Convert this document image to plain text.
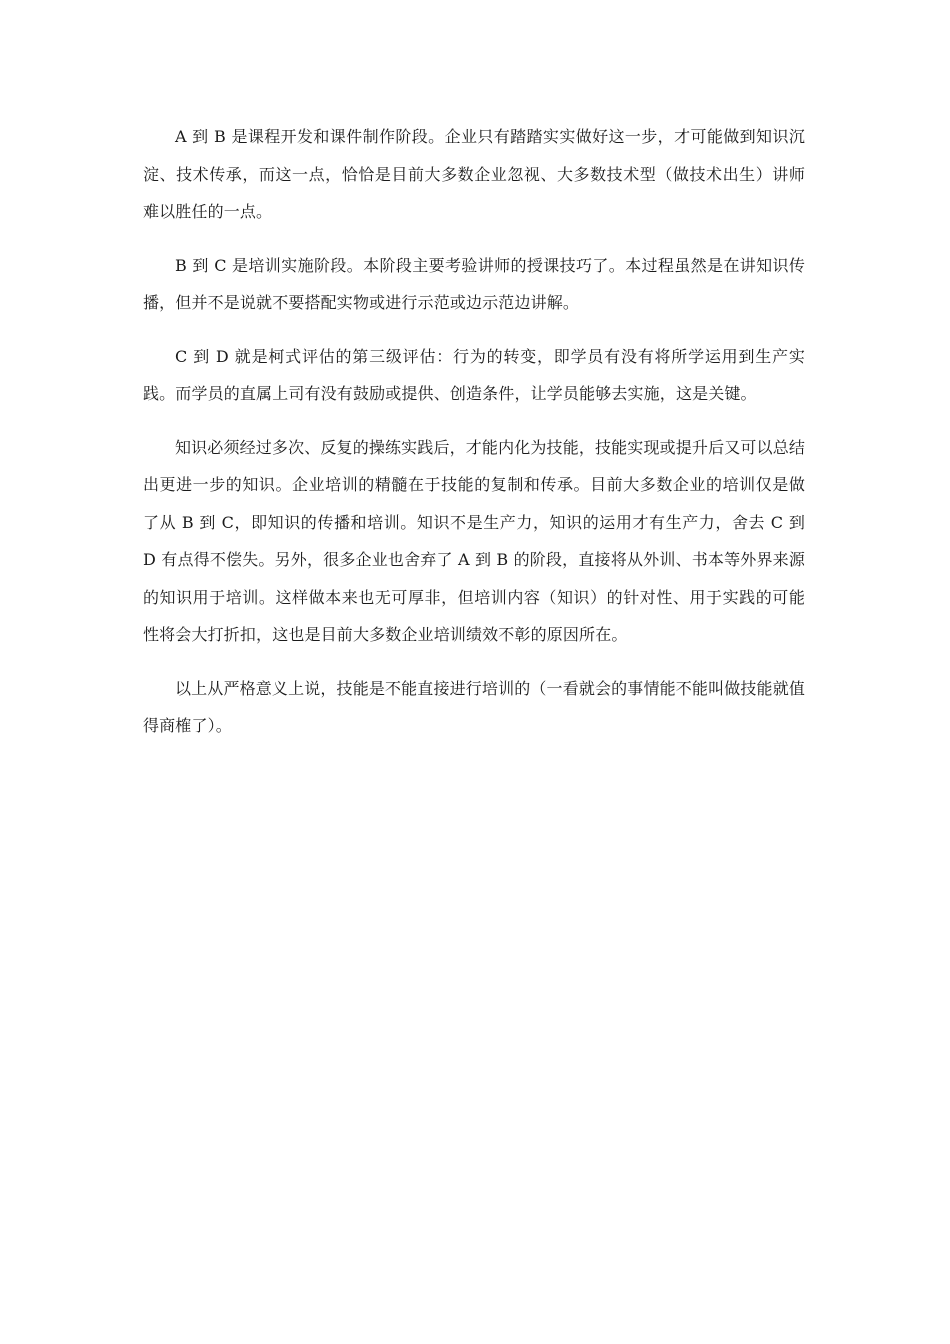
A 到 B 是课程开发和课件制作阶段。企业只有踏踏实实做好这一步，才可能做到知识沉淀、技术传承，而这一点，恰恰是目前大多数企业忽视、大多数技术型（做技术出生）讲师难以胜任的一点。

B 到 C 是培训实施阶段。本阶段主要考验讲师的授课技巧了。本过程虽然是在讲知识传播，但并不是说就不要搭配实物或进行示范或边示范边讲解。

C 到 D 就是柯式评估的第三级评估：行为的转变，即学员有没有将所学运用到生产实践。而学员的直属上司有没有鼓励或提供、创造条件，让学员能够去实施，这是关键。

知识必须经过多次、反复的操练实践后，才能内化为技能，技能实现或提升后又可以总结出更进一步的知识。企业培训的精髓在于技能的复制和传承。目前大多数企业的培训仅是做了从 B 到 C，即知识的传播和培训。知识不是生产力，知识的运用才有生产力，舍去 C 到 D 有点得不偿失。另外，很多企业也舍弃了 A 到 B 的阶段，直接将从外训、书本等外界来源的知识用于培训。这样做本来也无可厚非，但培训内容（知识）的针对性、用于实践的可能性将会大打折扣，这也是目前大多数企业培训绩效不彰的原因所在。

以上从严格意义上说，技能是不能直接进行培训的（一看就会的事情能不能叫做技能就值得商榷了）。
